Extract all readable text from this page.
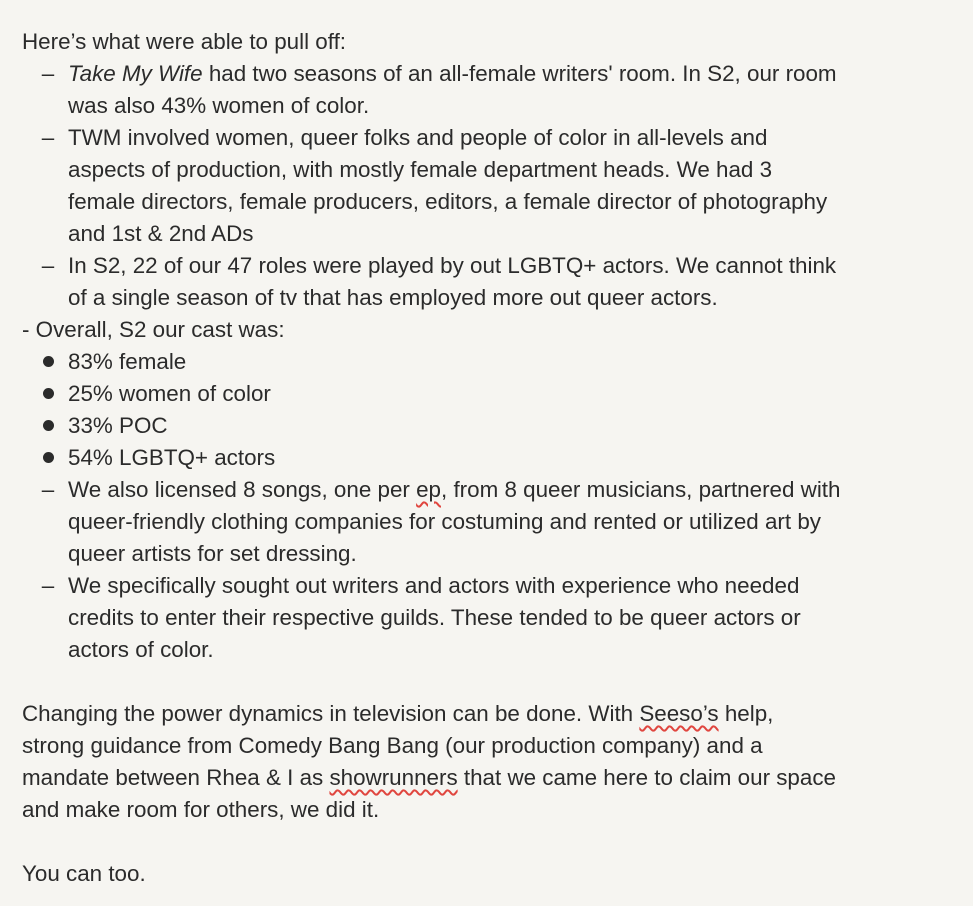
Here’s what were able to pull off:
– Take My Wife had two seasons of an all-female writers' room. In S2, our room
was also 43% women of color.
– TWM involved women, queer folks and people of color in all-levels and
aspects of production, with mostly female department heads. We had 3
female directors, female producers, editors, a female director of photography
and 1st & 2nd ADs
– In S2, 22 of our 47 roles were played by out LGBTQ+ actors. We cannot think
of a single season of tv that has employed more out queer actors.
- Overall, S2 our cast was:
83% female
25% women of color
33% POC
54% LGBTQ+ actors
– We also licensed 8 songs, one per ep, from 8 queer musicians, partnered with
queer-friendly clothing companies for costuming and rented or utilized art by
queer artists for set dressing.
– We specifically sought out writers and actors with experience who needed
credits to enter their respective guilds. These tended to be queer actors or
actors of color.
Changing the power dynamics in television can be done. With Seeso’s help,
strong guidance from Comedy Bang Bang (our production company) and a
mandate between Rhea & I as showrunners that we came here to claim our space
and make room for others, we did it.
You can too.
